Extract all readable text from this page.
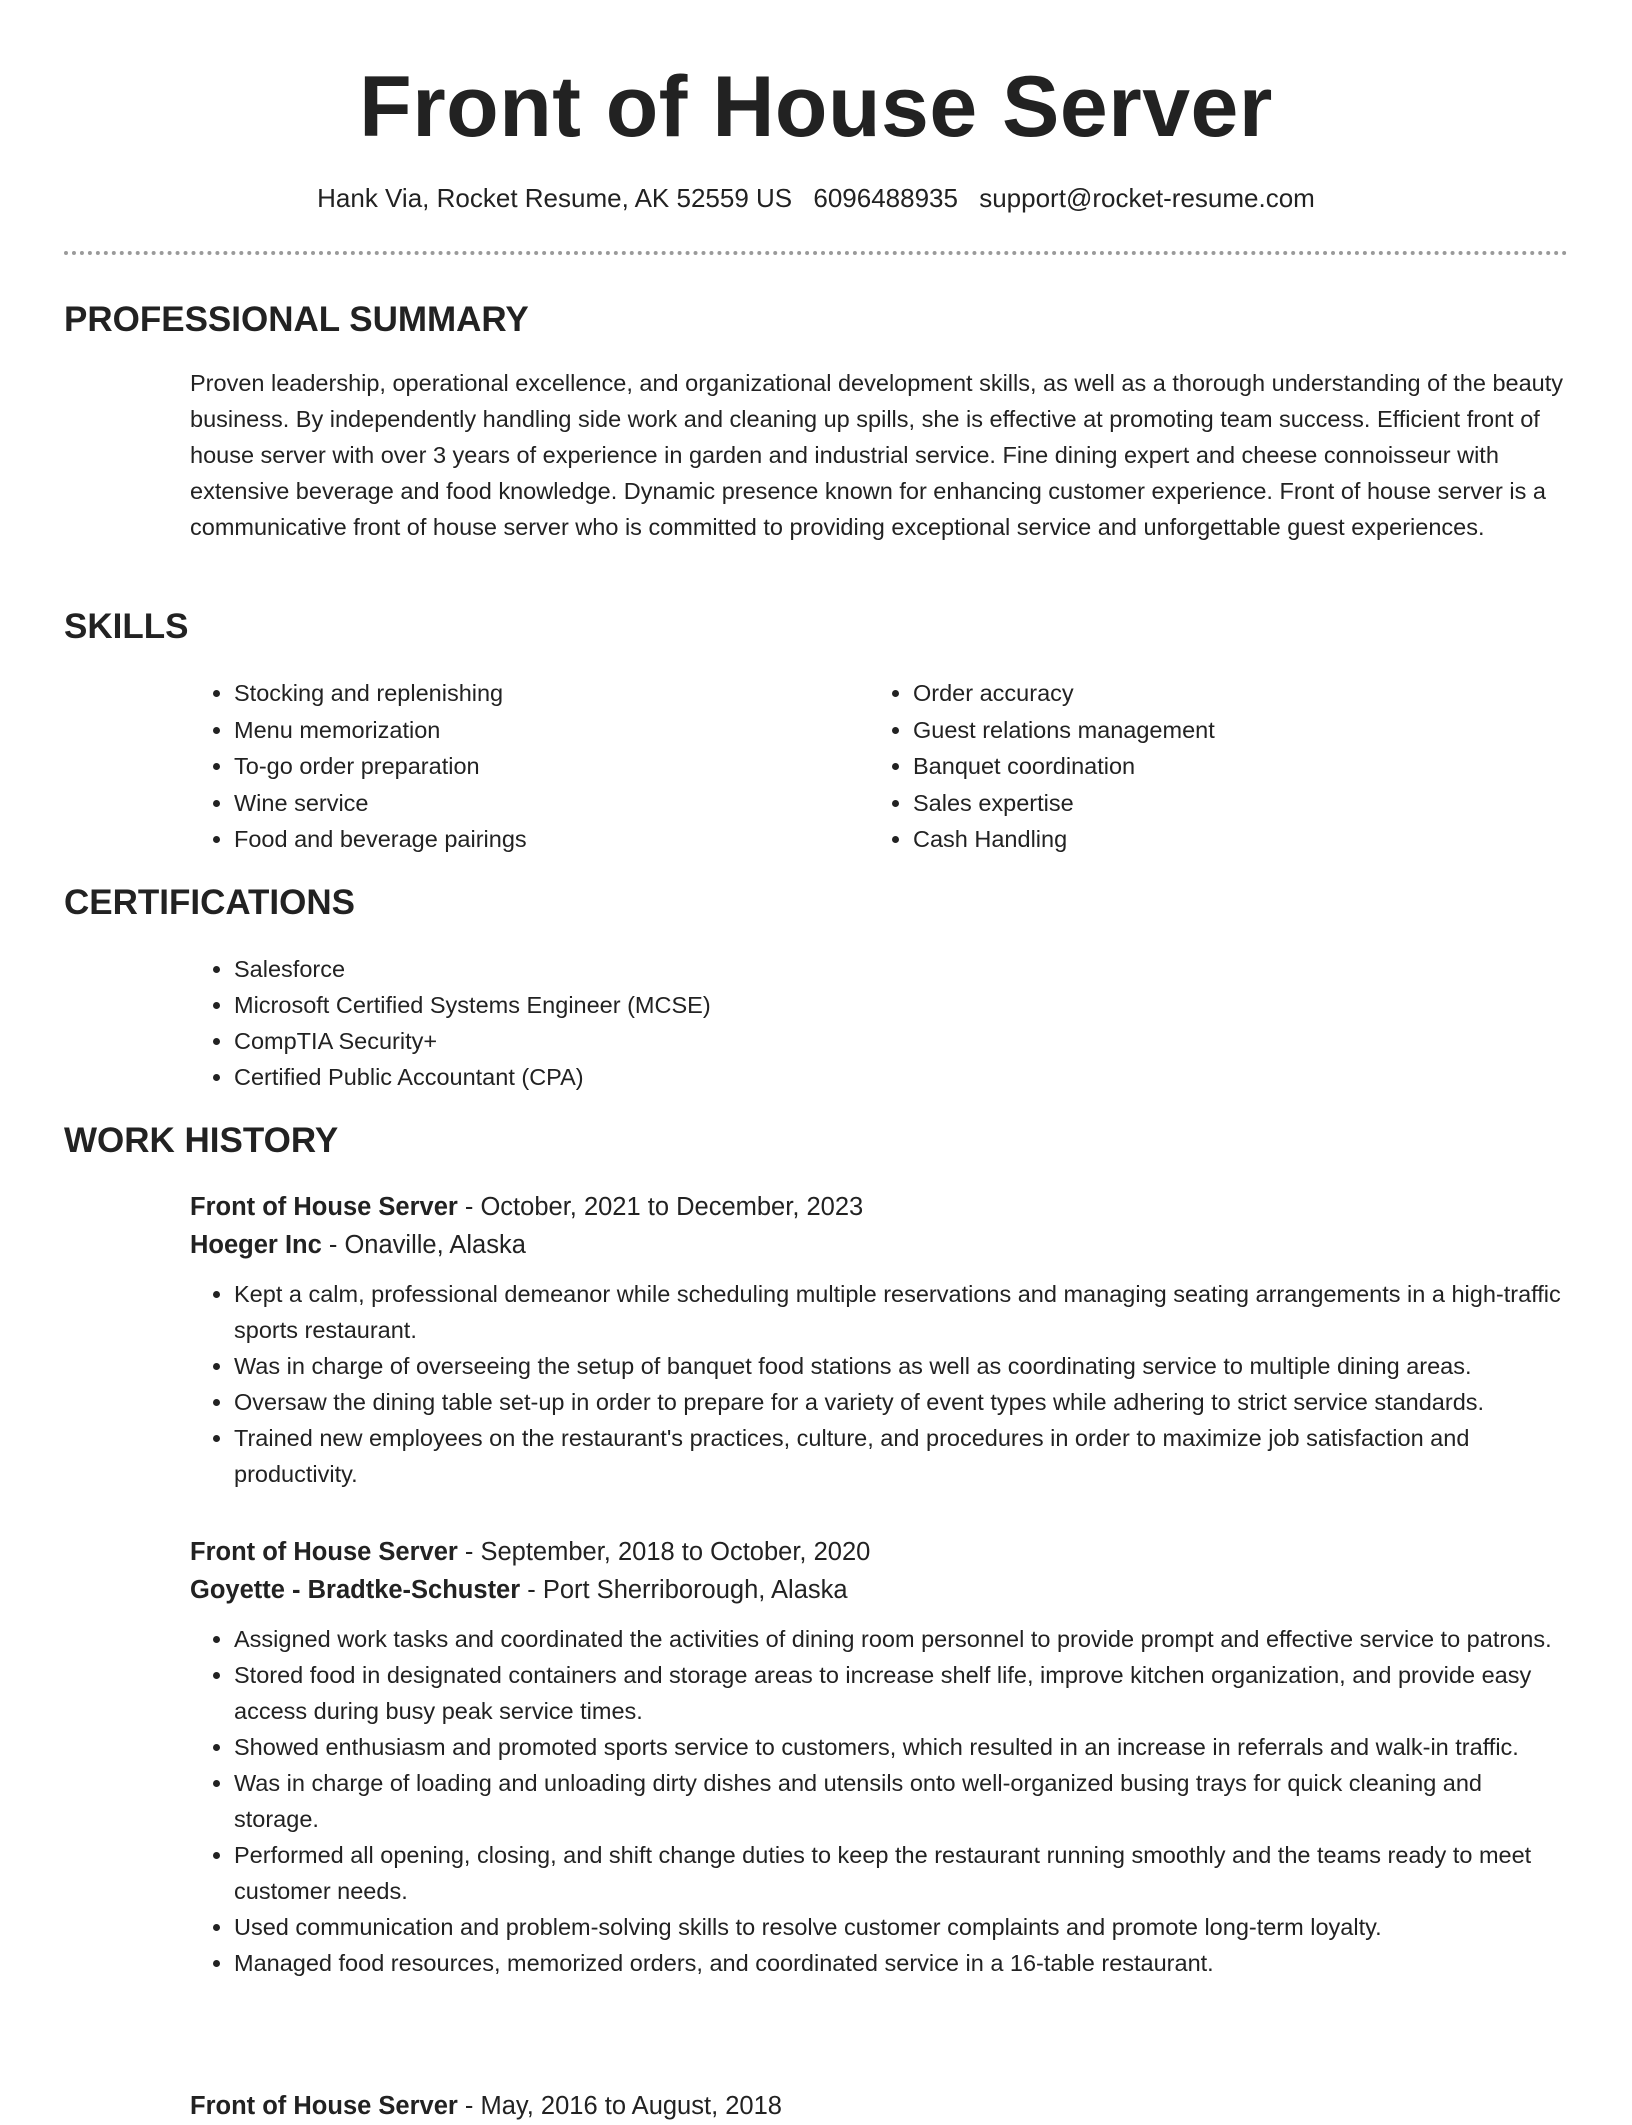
Front of House Server
Hank Via, Rocket Resume, AK 52559 US 6096488935 support@rocket-resume.com
PROFESSIONAL SUMMARY

Proven leadership, operational excellence, and organizational development skills, as well as a thorough understanding of the beauty business. By independently handling side work and cleaning up spills, she is effective at promoting team success. Efficient front of house server with over 3 years of experience in garden and industrial service. Fine dining expert and cheese connoisseur with extensive beverage and food knowledge. Dynamic presence known for enhancing customer experience. Front of house server is a communicative front of house server who is committed to providing exceptional service and unforgettable guest experiences.

SKILLS
• Stocking and replenishing
• Menu memorization
• To-go order preparation
• Wine service
• Food and beverage pairings
• Order accuracy
• Guest relations management
• Banquet coordination
• Sales expertise
• Cash Handling
CERTIFICATIONS
• Salesforce
• Microsoft Certified Systems Engineer (MCSE)
• CompTIA Security+
• Certified Public Accountant (CPA)
WORK HISTORY

Front of House Server - October, 2021 to December, 2023

Hoeger Inc - Onaville, Alaska

• Kept a calm, professional demeanor while scheduling multiple reservations and managing seating arrangements in a high-traffic sports restaurant.
• Was in charge of overseeing the setup of banquet food stations as well as coordinating service to multiple dining areas.
• Oversaw the dining table set-up in order to prepare for a variety of event types while adhering to strict service standards.
• Trained new employees on the restaurant's practices, culture, and procedures in order to maximize job satisfaction and productivity.

Front of House Server - September, 2018 to October, 2020

Goyette - Bradtke-Schuster - Port Sherriborough, Alaska

• Assigned work tasks and coordinated the activities of dining room personnel to provide prompt and effective service to patrons.
• Stored food in designated containers and storage areas to increase shelf life, improve kitchen organization, and provide easy access during busy peak service times.
• Showed enthusiasm and promoted sports service to customers, which resulted in an increase in referrals and walk-in traffic.
• Was in charge of loading and unloading dirty dishes and utensils onto well-organized busing trays for quick cleaning and storage.
• Performed all opening, closing, and shift change duties to keep the restaurant running smoothly and the teams ready to meet customer needs.
• Used communication and problem-solving skills to resolve customer complaints and promote long-term loyalty.
• Managed food resources, memorized orders, and coordinated service in a 16-table restaurant.

Front of House Server - May, 2016 to August, 2018
